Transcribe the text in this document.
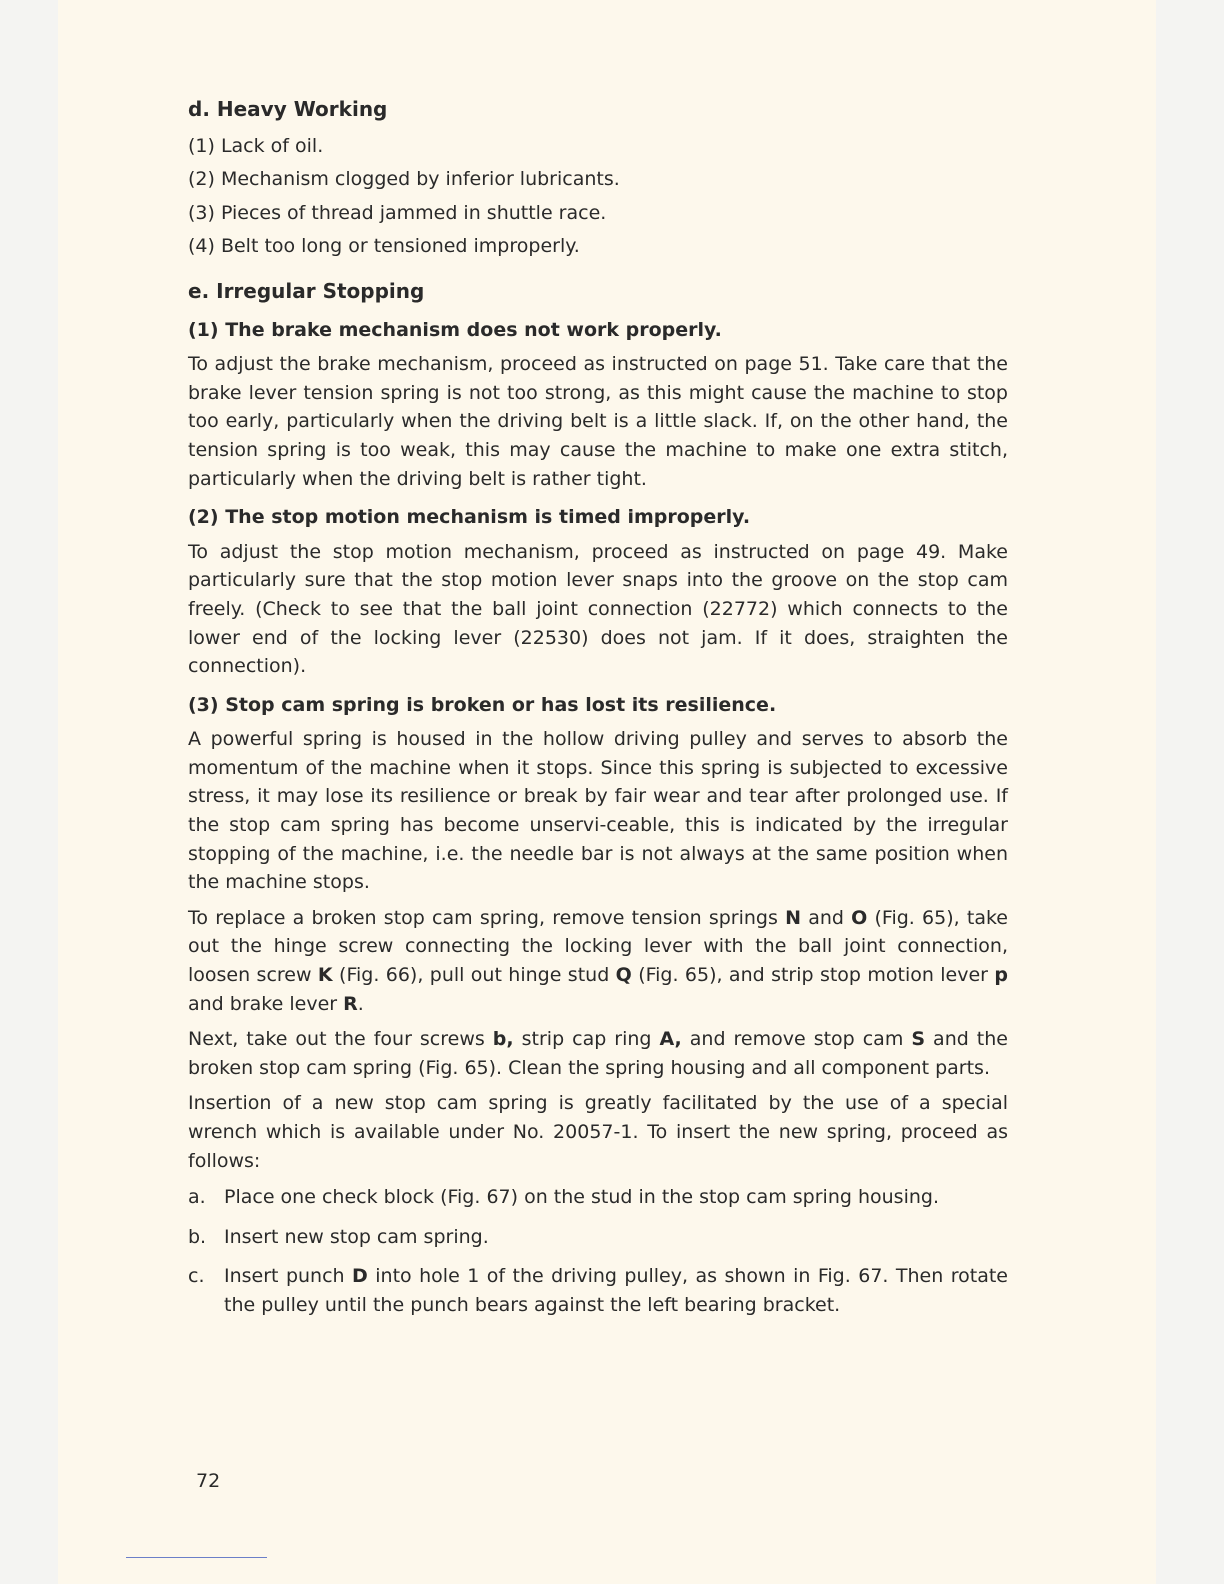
d. Heavy Working
(1) Lack of oil.
(2) Mechanism clogged by inferior lubricants.
(3) Pieces of thread jammed in shuttle race.
(4) Belt too long or tensioned improperly.
e. Irregular Stopping
(1) The brake mechanism does not work properly.

To adjust the brake mechanism, proceed as instructed on page 51. Take care that the brake lever tension spring is not too strong, as this might cause the machine to stop too early, particularly when the driving belt is a little slack. If, on the other hand, the tension spring is too weak, this may cause the machine to make one extra stitch, particularly when the driving belt is rather tight.

(2) The stop motion mechanism is timed improperly.

To adjust the stop motion mechanism, proceed as instructed on page 49. Make particularly sure that the stop motion lever snaps into the groove on the stop cam freely. (Check to see that the ball joint connection (22772) which connects to the lower end of the locking lever (22530) does not jam. If it does, straighten the connection).

(3) Stop cam spring is broken or has lost its resilience.

A powerful spring is housed in the hollow driving pulley and serves to absorb the momentum of the machine when it stops. Since this spring is subjected to excessive stress, it may lose its resilience or break by fair wear and tear after prolonged use. If the stop cam spring has become unservi-ceable, this is indicated by the irregular stopping of the machine, i.e. the needle bar is not always at the same position when the machine stops.

To replace a broken stop cam spring, remove tension springs N and O (Fig. 65), take out the hinge screw connecting the locking lever with the ball joint connection, loosen screw K (Fig. 66), pull out hinge stud Q (Fig. 65), and strip stop motion lever p and brake lever R.

Next, take out the four screws b, strip cap ring A, and remove stop cam S and the broken stop cam spring (Fig. 65). Clean the spring housing and all component parts.

Insertion of a new stop cam spring is greatly facilitated by the use of a special wrench which is available under No. 20057-1. To insert the new spring, proceed as follows:

a. Place one check block (Fig. 67) on the stud in the stop cam spring housing.
b. Insert new stop cam spring.
c.	Insert punch D into hole 1 of the driving pulley, as shown in Fig. 67. Then rotate the pulley until the punch bears against the left bearing bracket.
72
